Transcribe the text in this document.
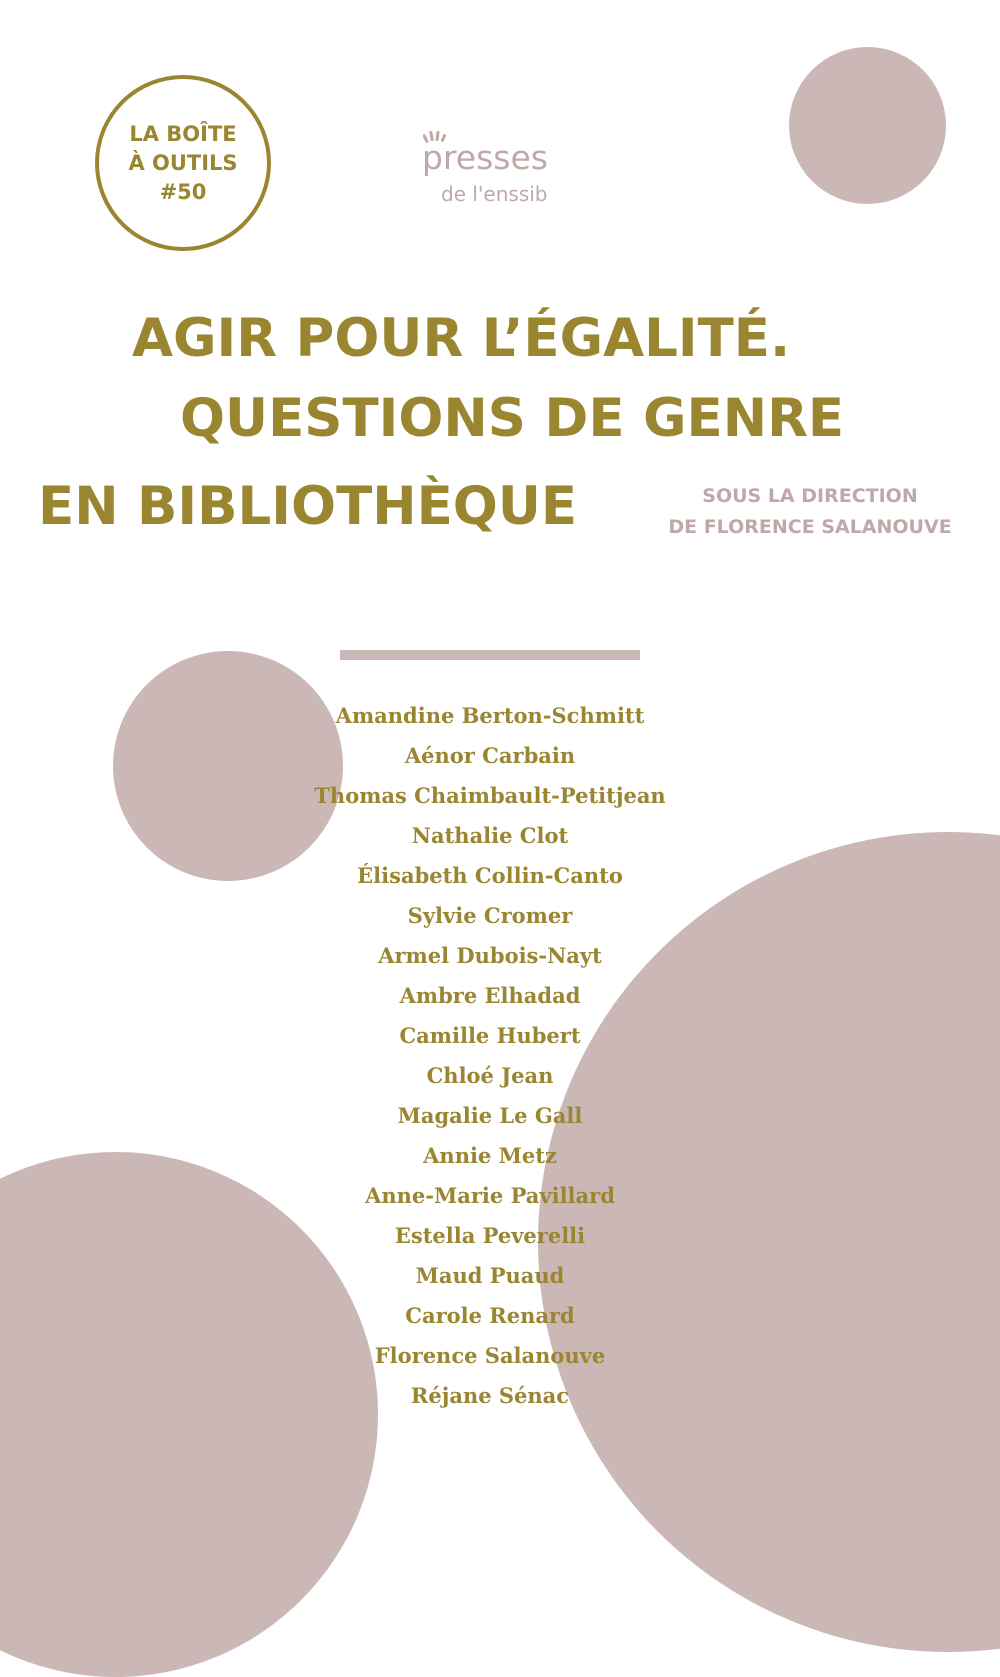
LA BOÎTE
À OUTILS
#50
presses
de l'enssib
AGIR POUR L’ÉGALITÉ.
QUESTIONS DE GENRE
EN BIBLIOTHÈQUE	SOUS LA DIRECTION
DE FLORENCE SALANOUVE
Amandine Berton-Schmitt
Aénor Carbain
Thomas Chaimbault-Petitjean
Nathalie Clot
Élisabeth Collin-Canto
Sylvie Cromer
Armel Dubois-Nayt
Ambre Elhadad
Camille Hubert
Chloé Jean
Magalie Le Gall
Annie Metz
Anne-Marie Pavillard
Estella Peverelli
Maud Puaud
Carole Renard
Florence Salanouve
Réjane Sénac
